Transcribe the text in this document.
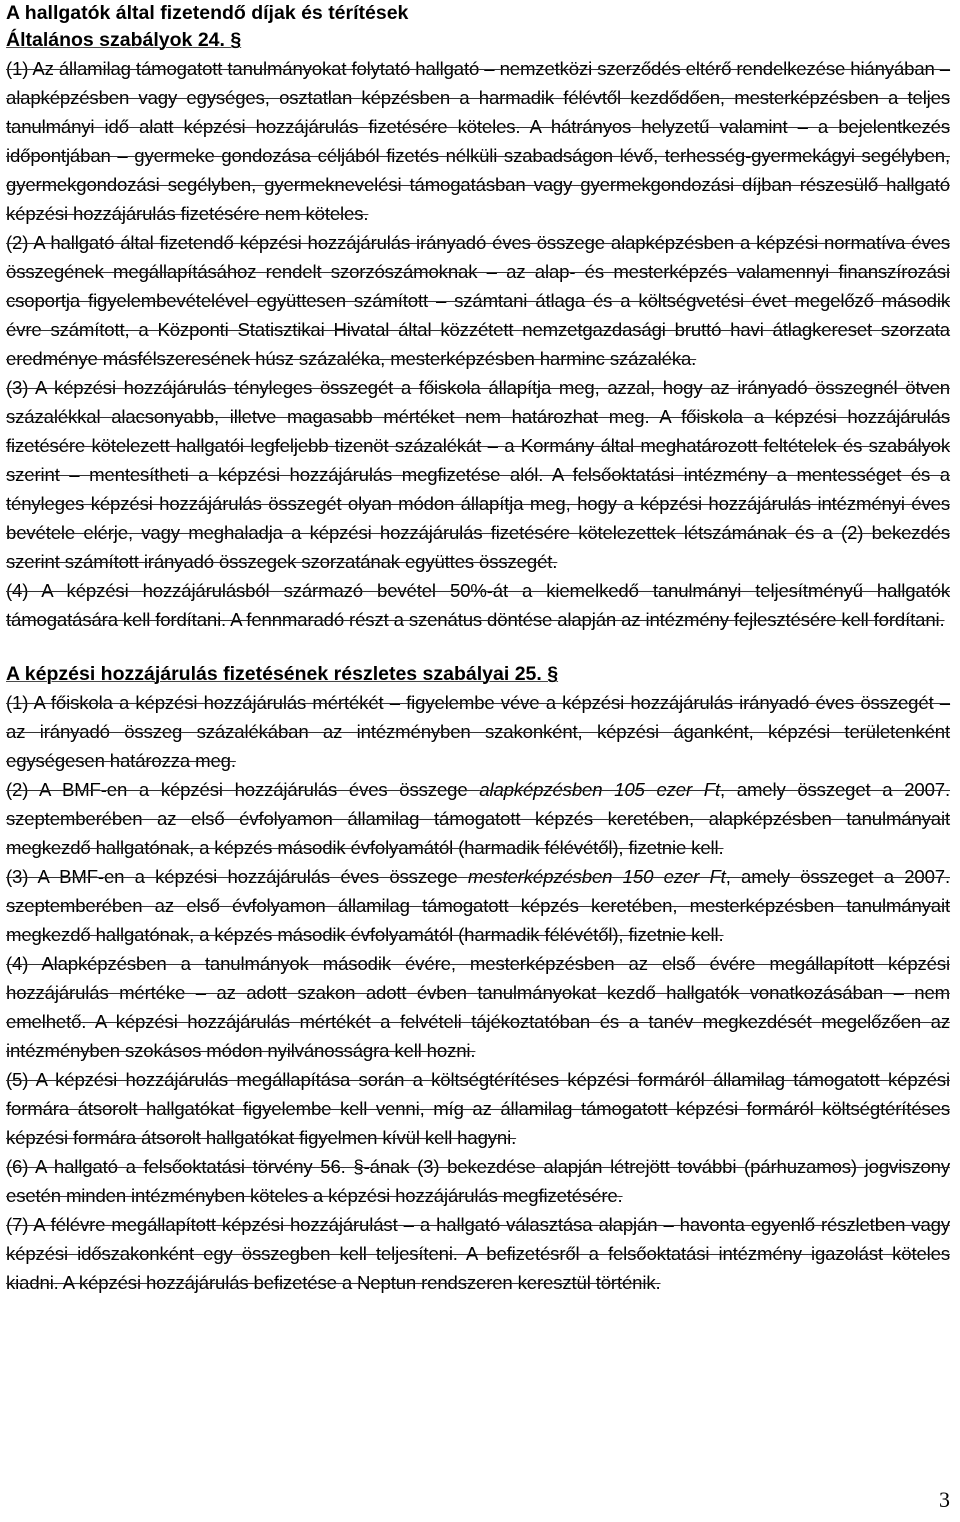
A hallgatók által fizetendő díjak és térítések

Általános szabályok 24. §

(1) Az államilag támogatott tanulmányokat folytató hallgató – nemzetközi szerződés eltérő rendelkezése hiányában – alapképzésben vagy egységes, osztatlan képzésben a harmadik félévtől kezdődően, mesterképzésben a teljes tanulmányi idő alatt képzési hozzájárulás fizetésére köteles. A hátrányos helyzetű valamint – a bejelentkezés időpontjában – gyermeke gondozása céljából fizetés nélküli szabadságon lévő, terhesség-gyermekágyi segélyben, gyermekgondozási segélyben, gyermeknevelési támogatásban vagy gyermekgondozási díjban részesülő hallgató képzési hozzájárulás fizetésére nem köteles.

(2) A hallgató által fizetendő képzési hozzájárulás irányadó éves összege alapképzésben a képzési normatíva éves összegének megállapításához rendelt szorzószámoknak – az alap- és mesterképzés valamennyi finanszírozási csoportja figyelembevételével együttesen számított – számtani átlaga és a költségvetési évet megelőző második évre számított, a Központi Statisztikai Hivatal által közzétett nemzetgazdasági bruttó havi átlagkereset szorzata eredménye másfélszeresének húsz százaléka, mesterképzésben harminc százaléka.

(3) A képzési hozzájárulás tényleges összegét a főiskola állapítja meg, azzal, hogy az irányadó összegnél ötven százalékkal alacsonyabb, illetve magasabb mértéket nem határozhat meg. A főiskola a képzési hozzájárulás fizetésére kötelezett hallgatói legfeljebb tizenöt százalékát – a Kormány által meghatározott feltételek és szabályok szerint – mentesítheti a képzési hozzájárulás megfizetése alól. A felsőoktatási intézmény a mentességet és a tényleges képzési hozzájárulás összegét olyan módon állapítja meg, hogy a képzési hozzájárulás intézményi éves bevétele elérje, vagy meghaladja a képzési hozzájárulás fizetésére kötelezettek létszámának és a (2) bekezdés szerint számított irányadó összegek szorzatának együttes összegét.

(4) A képzési hozzájárulásból származó bevétel 50%-át a kiemelkedő tanulmányi teljesítményű hallgatók támogatására kell fordítani. A fennmaradó részt a szenátus döntése alapján az intézmény fejlesztésére kell fordítani.

A képzési hozzájárulás fizetésének részletes szabályai 25. §

(1) A főiskola a képzési hozzájárulás mértékét – figyelembe véve a képzési hozzájárulás irányadó éves összegét – az irányadó összeg százalékában az intézményben szakonként, képzési áganként, képzési területenként egységesen határozza meg.

(2) A BMF-en a képzési hozzájárulás éves összege alapképzésben 105 ezer Ft, amely összeget a 2007. szeptemberében az első évfolyamon államilag támogatott képzés keretében, alapképzésben tanulmányait megkezdő hallgatónak, a képzés második évfolyamától (harmadik félévétől), fizetnie kell.

(3) A BMF-en a képzési hozzájárulás éves összege mesterképzésben 150 ezer Ft, amely összeget a 2007. szeptemberében az első évfolyamon államilag támogatott képzés keretében, mesterképzésben tanulmányait megkezdő hallgatónak, a képzés második évfolyamától (harmadik félévétől), fizetnie kell.

(4) Alapképzésben a tanulmányok második évére, mesterképzésben az első évére megállapított képzési hozzájárulás mértéke – az adott szakon adott évben tanulmányokat kezdő hallgatók vonatkozásában – nem emelhető. A képzési hozzájárulás mértékét a felvételi tájékoztatóban és a tanév megkezdését megelőzően az intézményben szokásos módon nyilvánosságra kell hozni.

(5) A képzési hozzájárulás megállapítása során a költségtérítéses képzési formáról államilag támogatott képzési formára átsorolt hallgatókat figyelembe kell venni, míg az államilag támogatott képzési formáról költségtérítéses képzési formára átsorolt hallgatókat figyelmen kívül kell hagyni.

(6) A hallgató a felsőoktatási törvény 56. §-ának (3) bekezdése alapján létrejött további (párhuzamos) jogviszony esetén minden intézményben köteles a képzési hozzájárulás megfizetésére.

(7) A félévre megállapított képzési hozzájárulást – a hallgató választása alapján – havonta egyenlő részletben vagy képzési időszakonként egy összegben kell teljesíteni. A befizetésről a felsőoktatási intézmény igazolást köteles kiadni. A képzési hozzájárulás befizetése a Neptun rendszeren keresztül történik.

3
